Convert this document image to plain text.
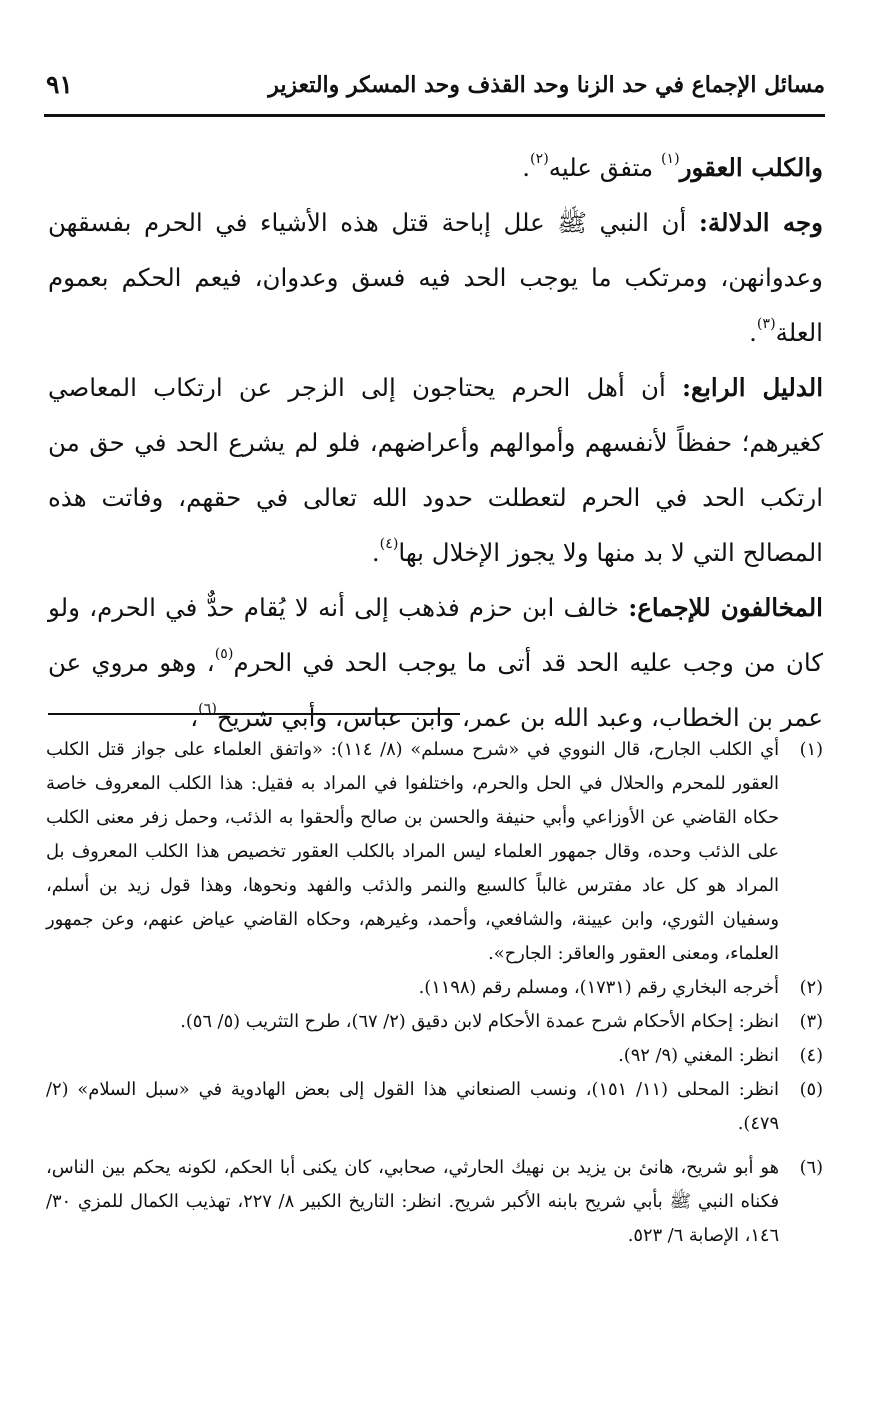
مسائل الإجماع في حد الزنا وحد القذف وحد المسكر والتعزير
٩١

والكلب العقور$^{(١)}$ متفق عليه$^{(٢)}$.

وجه الدلالة: أن النبي ﷺ علل إباحة قتل هذه الأشياء في الحرم بفسقهن وعدوانهن، ومرتكب ما يوجب الحد فيه فسق وعدوان، فيعم الحكم بعموم العلة$^{(٣)}$.

الدليل الرابع: أن أهل الحرم يحتاجون إلى الزجر عن ارتكاب المعاصي كغيرهم؛ حفظاً لأنفسهم وأموالهم وأعراضهم، فلو لم يشرع الحد في حق من ارتكب الحد في الحرم لتعطلت حدود الله تعالى في حقهم، وفاتت هذه المصالح التي لا بد منها ولا يجوز الإخلال بها$^{(٤)}$.

المخالفون للإجماع: خالف ابن حزم فذهب إلى أنه لا يُقام حدٌّ في الحرم، ولو كان من وجب عليه الحد قد أتى ما يوجب الحد في الحرم$^{(٥)}$، وهو مروي عن عمر بن الخطاب، وعبد الله بن عمر، وابن عباس، وأبي شريح$^{(٦)}$،

(١)
أي الكلب الجارح، قال النووي في «شرح مسلم» (٨/ ١١٤): «واتفق العلماء على جواز قتل الكلب العقور للمحرم والحلال في الحل والحرم، واختلفوا في المراد به فقيل: هذا الكلب المعروف خاصة حكاه القاضي عن الأوزاعي وأبي حنيفة والحسن بن صالح وألحقوا به الذئب، وحمل زفر معنى الكلب على الذئب وحده، وقال جمهور العلماء ليس المراد بالكلب العقور تخصيص هذا الكلب المعروف بل المراد هو كل عاد مفترس غالباً كالسبع والنمر والذئب والفهد ونحوها، وهذا قول زيد بن أسلم، وسفيان الثوري، وابن عيينة، والشافعي، وأحمد، وغيرهم، وحكاه القاضي عياض عنهم، وعن جمهور العلماء، ومعنى العقور والعاقر: الجارح».

(٢)
أخرجه البخاري رقم (١٧٣١)، ومسلم رقم (١١٩٨).

(٣)
انظر: إحكام الأحكام شرح عمدة الأحكام لابن دقيق (٢/ ٦٧)، طرح التثريب (٥/ ٥٦).

(٤)
انظر: المغني (٩/ ٩٢).

(٥)
انظر: المحلى (١١/ ١٥١)، ونسب الصنعاني هذا القول إلى بعض الهادوية في «سبل السلام» (٢/ ٤٧٩).

(٦)
هو أبو شريح، هانئ بن يزيد بن نهيك الحارثي، صحابي، كان يكنى أبا الحكم، لكونه يحكم بين الناس، فكناه النبي ﷺ بأبي شريح بابنه الأكبر شريح. انظر: التاريخ الكبير ٨/ ٢٢٧، تهذيب الكمال للمزي ٣٠/ ١٤٦، الإصابة ٦/ ٥٢٣.
